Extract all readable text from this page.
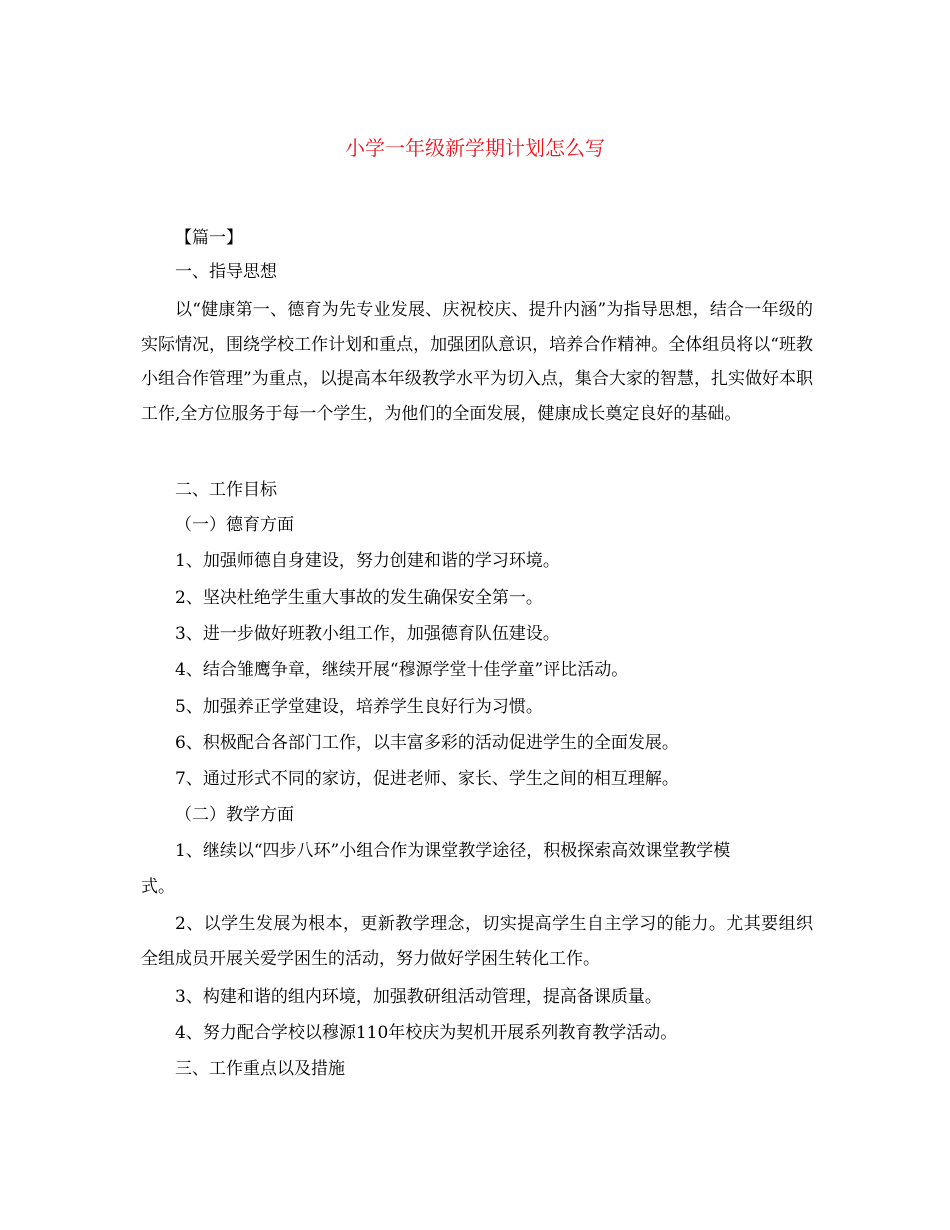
小学一年级新学期计划怎么写
【篇一】
一、指导思想
以“健康第一、德育为先专业发展、庆祝校庆、提升内涵”为指导思想，结合一年级的实际情况，围绕学校工作计划和重点，加强团队意识，培养合作精神。全体组员将以“班教小组合作管理”为重点，以提高本年级教学水平为切入点，集合大家的智慧，扎实做好本职工作,全方位服务于每一个学生，为他们的全面发展，健康成长奠定良好的基础。
二、工作目标
（一）德育方面
1、加强师德自身建设，努力创建和谐的学习环境。
2、坚决杜绝学生重大事故的发生确保安全第一。
3、进一步做好班教小组工作，加强德育队伍建设。
4、结合雏鹰争章，继续开展“穆源学堂十佳学童”评比活动。
5、加强养正学堂建设，培养学生良好行为习惯。
6、积极配合各部门工作，以丰富多彩的活动促进学生的全面发展。
7、通过形式不同的家访，促进老师、家长、学生之间的相互理解。
（二）教学方面
1、继续以“四步八环”小组合作为课堂教学途径，积极探索高效课堂教学模
式。
2、以学生发展为根本，更新教学理念，切实提高学生自主学习的能力。尤其要组织全组成员开展关爱学困生的活动，努力做好学困生转化工作。
3、构建和谐的组内环境，加强教研组活动管理，提高备课质量。
4、努力配合学校以穆源110年校庆为契机开展系列教育教学活动。
三、工作重点以及措施
